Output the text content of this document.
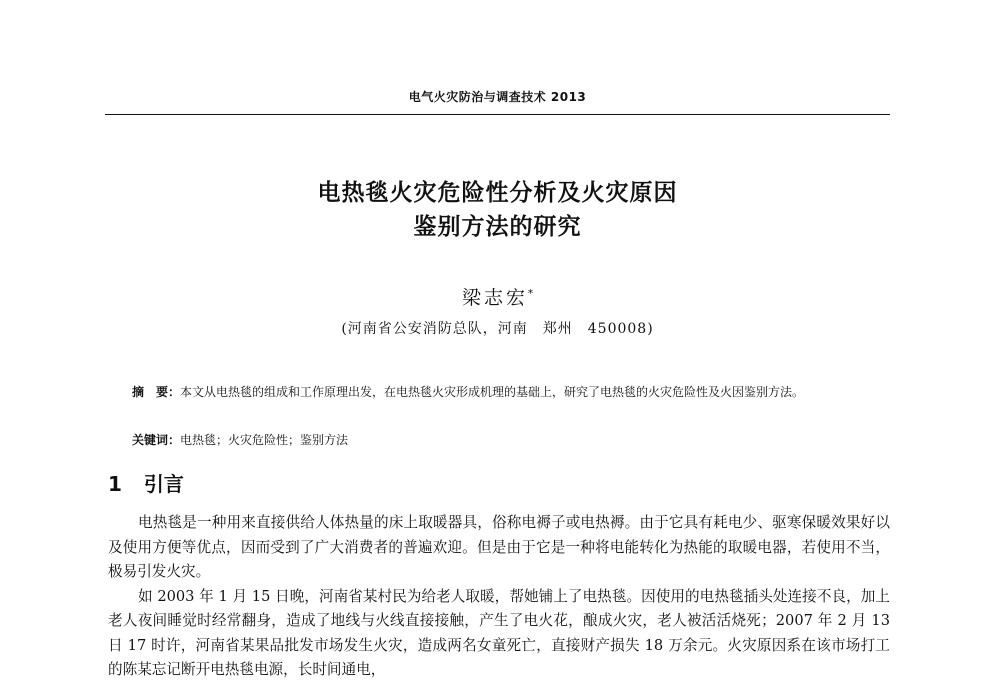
电气火灾防治与调查技术 2013
电热毯火灾危险性分析及火灾原因
鉴别方法的研究
梁志宏*
(河南省公安消防总队，河南　郑州　450008)
摘　要：本文从电热毯的组成和工作原理出发，在电热毯火灾形成机理的基础上，研究了电热毯的火灾危险性及火因鉴别方法。
关键词：电热毯；火灾危险性；鉴别方法
1 引言

电热毯是一种用来直接供给人体热量的床上取暖器具，俗称电褥子或电热褥。由于它具有耗电少、驱寒保暖效果好以及使用方便等优点，因而受到了广大消费者的普遍欢迎。但是由于它是一种将电能转化为热能的取暖电器，若使用不当，极易引发火灾。

如 2003 年 1 月 15 日晚，河南省某村民为给老人取暖，帮她铺上了电热毯。因使用的电热毯插头处连接不良，加上老人夜间睡觉时经常翻身，造成了地线与火线直接接触，产生了电火花，酿成火灾，老人被活活烧死；2007 年 2 月 13 日 17 时许，河南省某果品批发市场发生火灾，造成两名女童死亡，直接财产损失 18 万余元。火灾原因系在该市场打工的陈某忘记断开电热毯电源，长时间通电，
